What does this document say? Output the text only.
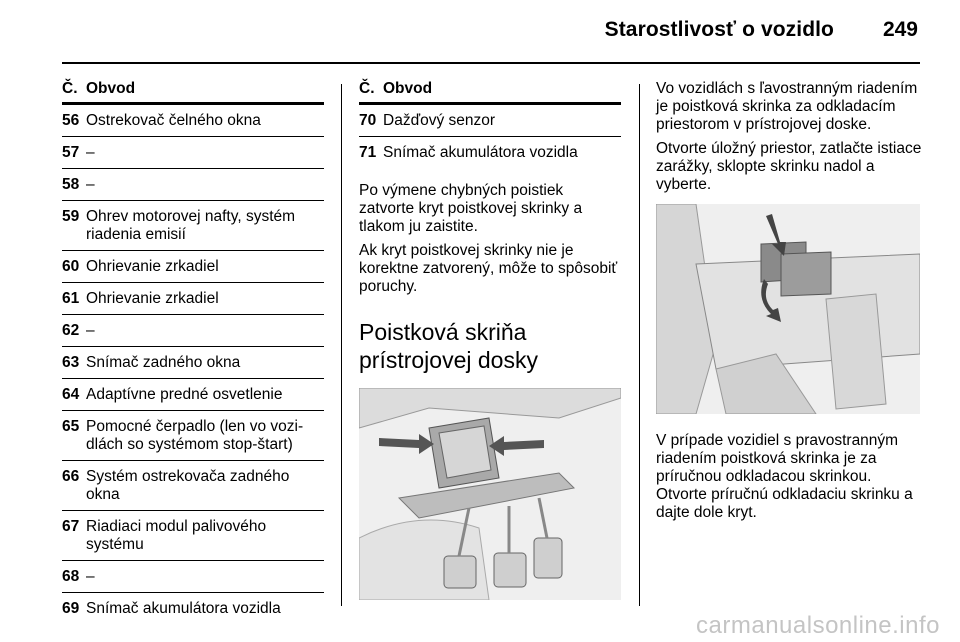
Starostlivosť o vozidlo 249
Č. Obvod
56 Ostrekovač čelného okna
57 –
58 –
59 Ohrev motorovej nafty, systém riadenia emisií
60 Ohrievanie zrkadiel
61 Ohrievanie zrkadiel
62 –
63 Snímač zadného okna
64 Adaptívne predné osvetlenie
65 Pomocné čerpadlo (len vo vozi- dlách so systémom stop-štart)
66 Systém ostrekovača zadného okna
67 Riadiaci modul palivového systému
68 –
69 Snímač akumulátora vozidla
Č. Obvod
70 Dažďový senzor
71 Snímač akumulátora vozidla

Po výmene chybných poistiek zatvorte kryt poistkovej skrinky a tlakom ju zaistite.

Ak kryt poistkovej skrinky nie je korektne zatvorený, môže to spôsobiť poruchy.

Poistková skriňa
prístrojovej dosky

Vo vozidlách s ľavostranným riadením je poistková skrinka za odkladacím priestorom v prístrojovej doske.

Otvorte úložný priestor, zatlačte istiace zarážky, sklopte skrinku nadol a vyberte.

V prípade vozidiel s pravostranným riadením poistková skrinka je za príručnou odkladacou skrinkou. Otvorte príručnú odkladaciu skrinku a dajte dole kryt.

carmanualsonline.info
